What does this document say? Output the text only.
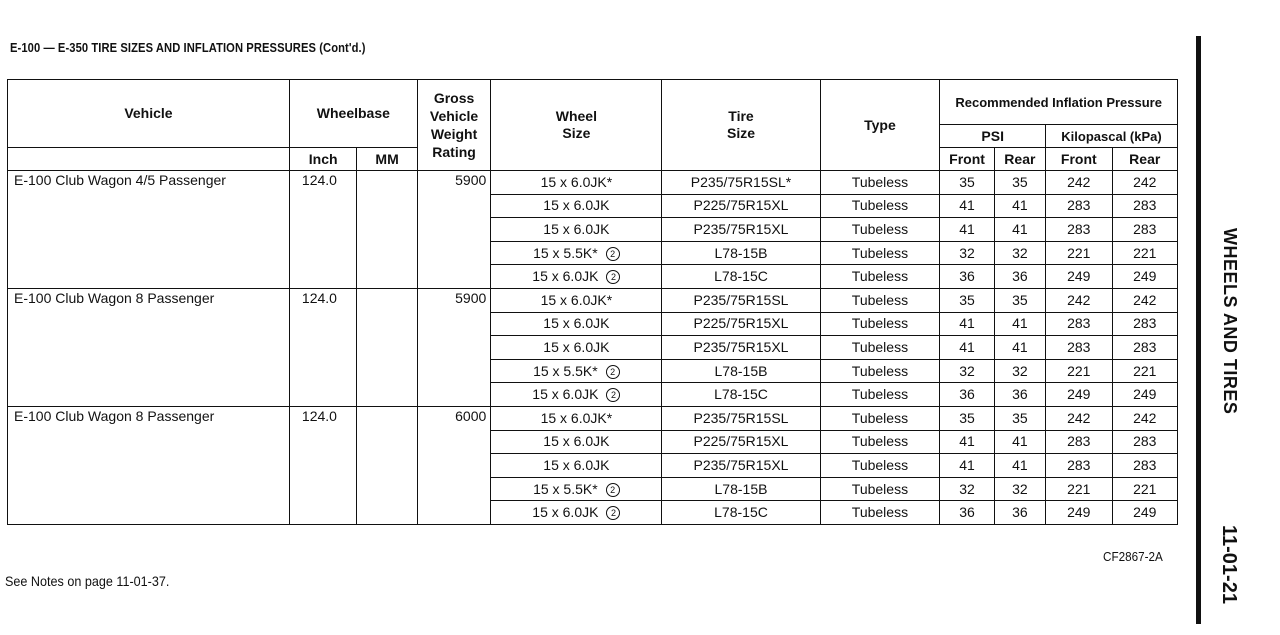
E-100 — E-350 TIRE SIZES AND INFLATION PRESSURES (Cont'd.)
Vehicle	Wheelbase		Gross Vehicle Weight Rating	Wheel Size	Tire Size	Type	Recommended Inflation Pressure			
							PSI		Kilopascal (kPa)	
	Inch	MM					Front	Rear	Front	Rear
E-100 Club Wagon 4/5 Passenger	124.0		5900	15 x 6.0JK*	P235/75R15SL*	Tubeless	35	35	242	242
				15 x 6.0JK	P225/75R15XL	Tubeless	41	41	283	283
				15 x 6.0JK	P235/75R15XL	Tubeless	41	41	283	283
				15 x 5.5K* 2	L78-15B	Tubeless	32	32	221	221
				15 x 6.0JK 2	L78-15C	Tubeless	36	36	249	249
E-100 Club Wagon 8 Passenger	124.0		5900	15 x 6.0JK*	P235/75R15SL	Tubeless	35	35	242	242
				15 x 6.0JK	P225/75R15XL	Tubeless	41	41	283	283
				15 x 6.0JK	P235/75R15XL	Tubeless	41	41	283	283
				15 x 5.5K* 2	L78-15B	Tubeless	32	32	221	221
				15 x 6.0JK 2	L78-15C	Tubeless	36	36	249	249
E-100 Club Wagon 8 Passenger	124.0		6000	15 x 6.0JK*	P235/75R15SL	Tubeless	35	35	242	242
				15 x 6.0JK	P225/75R15XL	Tubeless	41	41	283	283
				15 x 6.0JK	P235/75R15XL	Tubeless	41	41	283	283
				15 x 5.5K* 2	L78-15B	Tubeless	32	32	221	221
				15 x 6.0JK 2	L78-15C	Tubeless	36	36	249	249
See Notes on page 11-01-37.
CF2867-2A
WHEELS AND TIRES
11-01-21
